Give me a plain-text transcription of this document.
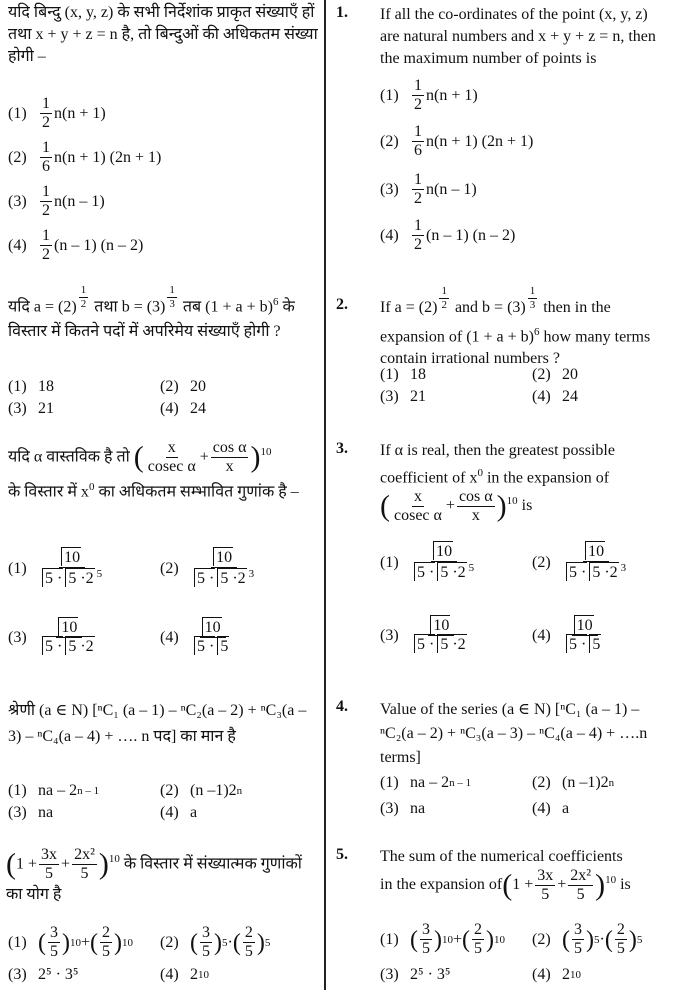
यदि बिन्दु (x, y, z) के सभी निर्देशांक प्राकृत संख्याएँ हों तथा x + y + z = n है, तो बिन्दुओं की अधिकतम संख्या होगी –
$(1) \frac{1}{2} n(n + 1)$
$(2) \frac{1}{6} n(n + 1) (2n + 1)$
$(3) \frac{1}{2} n(n - 1)$
$(4) \frac{1}{2} (n - 1)$ (n – 2)
यदि a = (2) $^{\frac{1}{2}}$ तथा b = (3) $^{\frac{1}{3}}$ तब $(1 + a + b)^6$ के विस्तार में कितने पदों में अपरिमेय संख्याएँ होगी ?
(1) 18	(2) 20
(3) 21	(4) 24
यदि α वास्तविक है तो ( $\frac{x}{\text{cosec α}} + \frac{\text{cos α}}{x} )^{10}$
के विस्तार में $x^0$ का अधिकतम सम्भावित गुणांक है –
$(1) \frac{10}{5 \cdot 5 \cdot 2 ^5}$	$(2) \frac{10}{5 \cdot 5 \cdot 2 ^3}$
$(3) \frac{10}{5 \cdot 5 \cdot 2}$	$(4) \frac{10}{5 \cdot 5}$
श्रेणी (a ∈ N) [ⁿC₁ (a – 1) – ⁿC₂(a – 2) + ⁿC₃(a – 3) – ⁿC₄(a – 4) + …. n पद] का मान है
(1) na – 2 n – 1	(2) (n –1)2 n
(3) na	(4) a
$(1 + \frac{3x}{5} + \frac{\text{2x²}}{5} )^{10}$ के विस्तार में संख्यात्मक गुणांकों का योग है
(1) ( $\frac{3}{5}$ ) 10 + ( $\frac{2}{5}$ ) 10 (2) ( $\frac{3}{5}$ ) 5 · ( $\frac{2}{5}$ ) 5
(3) 2⁵ · 3⁵	(4) 2 10
1. If all the co-ordinates of the point (x, y, z) are natural numbers and x + y + z = n, then the maximum number of points is
$(1) \frac{1}{2} n(n + 1)$
$(2) \frac{1}{6} n(n + 1) (2n + 1)$
$(3) \frac{1}{2} n(n - 1)$
$(4) \frac{1}{2} (n - 1)$ (n – 2)
2. If a = (2) $^{\frac{1}{2}}$ and b = (3) $^{\frac{1}{3}}$ then in the expansion of $(1 + a + b)^6$ how many terms contain irrational numbers ?
(1) 18	(2) 20
(3) 21	(4) 24
3. If α is real, then the greatest possible coefficient of $x^0$ in the expansion of
( $\frac{x}{\text{cosec α}} + \frac{\text{cos α}}{x} )^{10}$ is
$(1) \frac{10}{5 \cdot 5 \cdot 2 ^5}$	$(2) \frac{10}{5 \cdot 5 \cdot 2 ^3}$
$(3) \frac{10}{5 \cdot 5 \cdot 2}$	$(4) \frac{10}{5 \cdot 5}$
4. Value of the series (a ∈ N) [ⁿC₁ (a – 1) – ⁿC₂(a – 2) + ⁿC₃(a – 3) – ⁿC₄(a – 4) + ….n terms]
(1) na – 2 n – 1	(2) (n –1)2 n
(3) na	(4) a
5. The sum of the numerical coefficients
in the expansion $of(1 + \frac{3x}{5} + \frac{\text{2x²}}{5} )^{10}$ is
(1) ( $\frac{3}{5}$ ) 10 + ( $\frac{2}{5}$ ) 10 (2) ( $\frac{3}{5}$ ) 5 · ( $\frac{2}{5}$ ) 5
(3) 2⁵ · 3⁵	(4) 2 10
